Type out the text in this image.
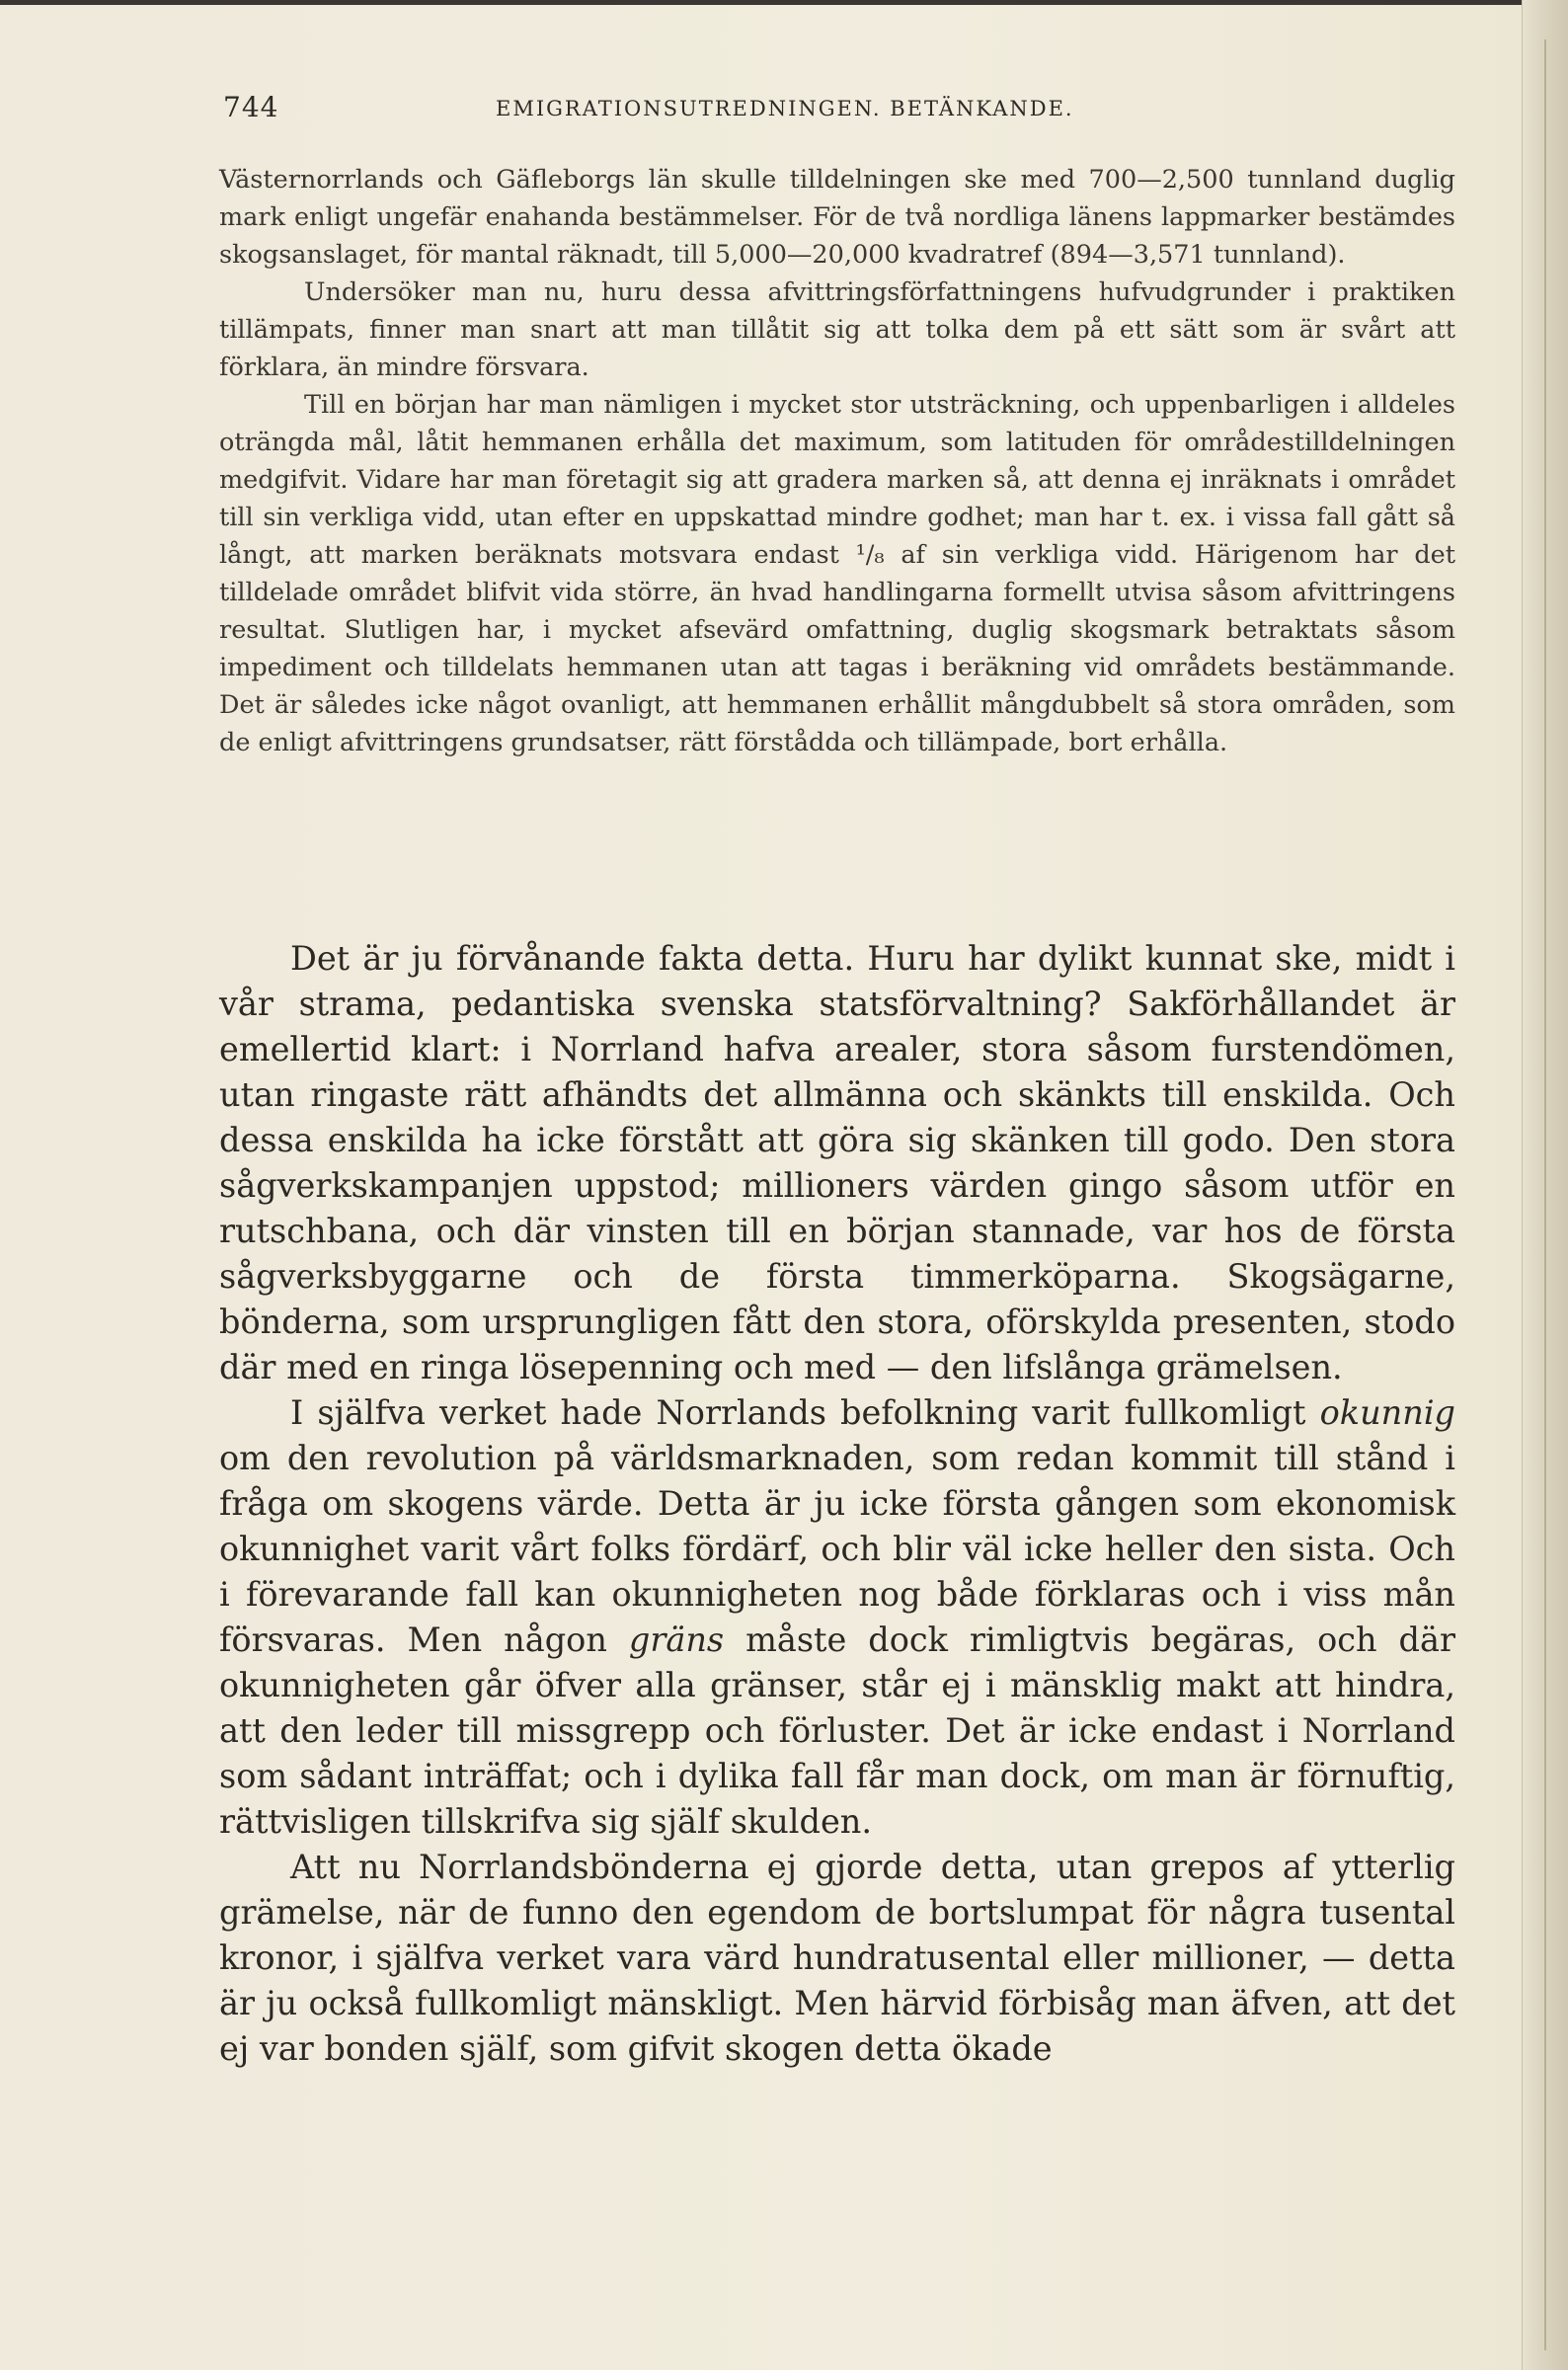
744	EMIGRATIONSUTREDNINGEN. BETÄNKANDE.

Västernorrlands och Gäfleborgs län skulle tilldelningen ske med 700—2,500 tunnland duglig mark enligt ungefär enahanda bestämmelser. För de två nordliga länens lappmarker bestämdes skogsanslaget, för mantal räknadt, till 5,000—20,000 kvadratref (894—3,571 tunnland).

Undersöker man nu, huru dessa afvittringsförfattningens hufvudgrunder i praktiken tillämpats, finner man snart att man tillåtit sig att tolka dem på ett sätt som är svårt att förklara, än mindre försvara.

Till en början har man nämligen i mycket stor utsträckning, och uppenbarligen i alldeles oträngda mål, låtit hemmanen erhålla det maximum, som latituden för områdestilldelningen medgifvit. Vidare har man företagit sig att gradera marken så, att denna ej inräknats i området till sin verkliga vidd, utan efter en uppskattad mindre godhet; man har t. ex. i vissa fall gått så långt, att marken beräknats motsvara endast ¹/₈ af sin verkliga vidd. Härigenom har det tilldelade området blifvit vida större, än hvad handlingarna formellt utvisa såsom afvittringens resultat. Slutligen har, i mycket afsevärd omfattning, duglig skogsmark betraktats såsom impediment och tilldelats hemmanen utan att tagas i beräkning vid områdets bestämmande. Det är således icke något ovanligt, att hemmanen erhållit mångdubbelt så stora områden, som de enligt afvittringens grundsatser, rätt förstådda och tillämpade, bort erhålla.

Det är ju förvånande fakta detta. Huru har dylikt kunnat ske, midt i vår strama, pedantiska svenska statsförvaltning? Sakförhållandet är emellertid klart: i Norrland hafva arealer, stora såsom furstendömen, utan ringaste rätt afhändts det allmänna och skänkts till enskilda. Och dessa enskilda ha icke förstått att göra sig skänken till godo. Den stora sågverkskampanjen uppstod; millioners värden gingo såsom utför en rutschbana, och där vinsten till en början stannade, var hos de första sågverksbyggarne och de första timmerköparna. Skogsägarne, bönderna, som ursprungligen fått den stora, oförskylda presenten, stodo där med en ringa lösepenning och med — den lifslånga grämelsen.

I själfva verket hade Norrlands befolkning varit fullkomligt okunnig om den revolution på världsmarknaden, som redan kommit till stånd i fråga om skogens värde. Detta är ju icke första gången som ekonomisk okunnighet varit vårt folks fördärf, och blir väl icke heller den sista. Och i förevarande fall kan okunnigheten nog både förklaras och i viss mån försvaras. Men någon gräns måste dock rimligtvis begäras, och där okunnigheten går öfver alla gränser, står ej i mänsklig makt att hindra, att den leder till missgrepp och förluster. Det är icke endast i Norrland som sådant inträffat; och i dylika fall får man dock, om man är förnuftig, rättvisligen tillskrifva sig själf skulden.

Att nu Norrlandsbönderna ej gjorde detta, utan grepos af ytterlig grämelse, när de funno den egendom de bortslumpat för några tusental kronor, i själfva verket vara värd hundratusental eller millioner, — detta är ju också fullkomligt mänskligt. Men härvid förbisåg man äfven, att det ej var bonden själf, som gifvit skogen detta ökade
